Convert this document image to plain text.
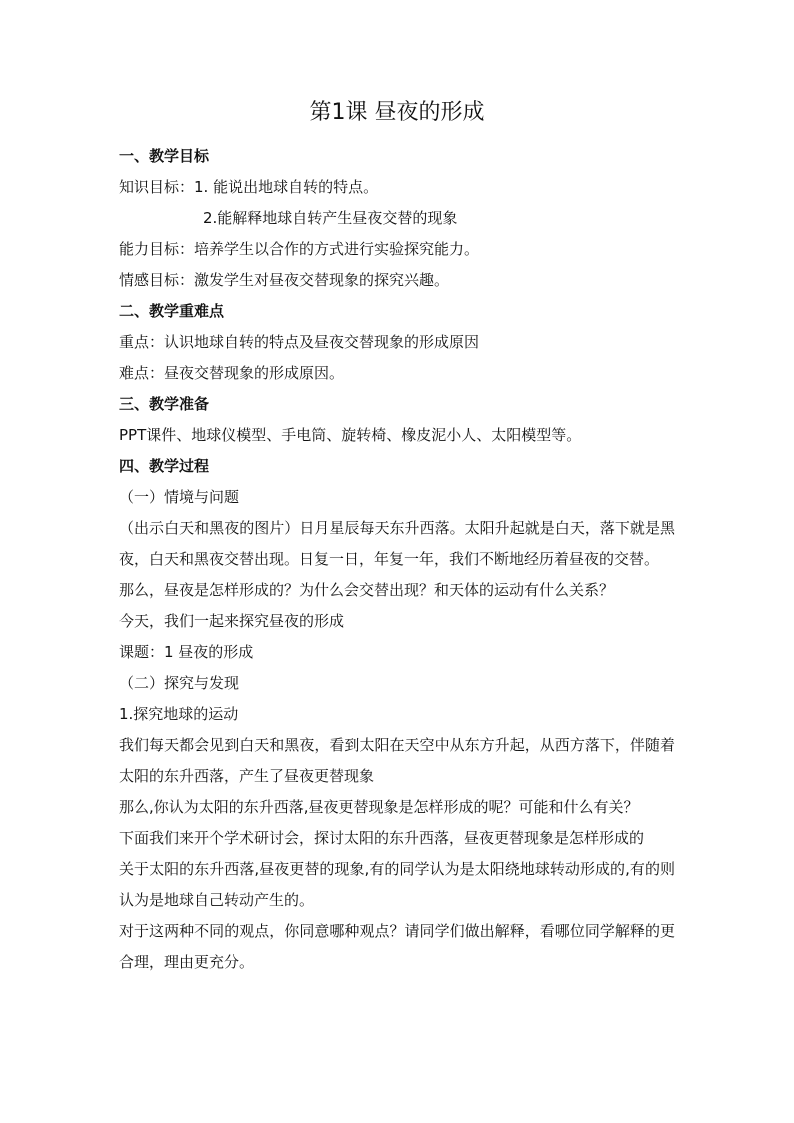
第1课 昼夜的形成

一、教学目标

知识目标：1. 能说出地球自转的特点。

2.能解释地球自转产生昼夜交替的现象

能力目标：培养学生以合作的方式进行实验探究能力。

情感目标：激发学生对昼夜交替现象的探究兴趣。

二、教学重难点

重点：认识地球自转的特点及昼夜交替现象的形成原因

难点：昼夜交替现象的形成原因。

三、教学准备

PPT课件、地球仪模型、手电筒、旋转椅、橡皮泥小人、太阳模型等。

四、教学过程

（一）情境与问题

（出示白天和黑夜的图片）日月星辰每天东升西落。太阳升起就是白天，落下就是黑夜，白天和黑夜交替出现。日复一日，年复一年，我们不断地经历着昼夜的交替。

那么，昼夜是怎样形成的？为什么会交替出现？和天体的运动有什么关系？

今天，我们一起来探究昼夜的形成

课题：1 昼夜的形成

（二）探究与发现

1.探究地球的运动

我们每天都会见到白天和黑夜，看到太阳在天空中从东方升起，从西方落下，伴随着太阳的东升西落，产生了昼夜更替现象

那么,你认为太阳的东升西落,昼夜更替现象是怎样形成的呢？可能和什么有关？

下面我们来开个学术研讨会，探讨太阳的东升西落，昼夜更替现象是怎样形成的

关于太阳的东升西落,昼夜更替的现象,有的同学认为是太阳绕地球转动形成的,有的则认为是地球自己转动产生的。

对于这两种不同的观点，你同意哪种观点？请同学们做出解释，看哪位同学解释的更合理，理由更充分。
